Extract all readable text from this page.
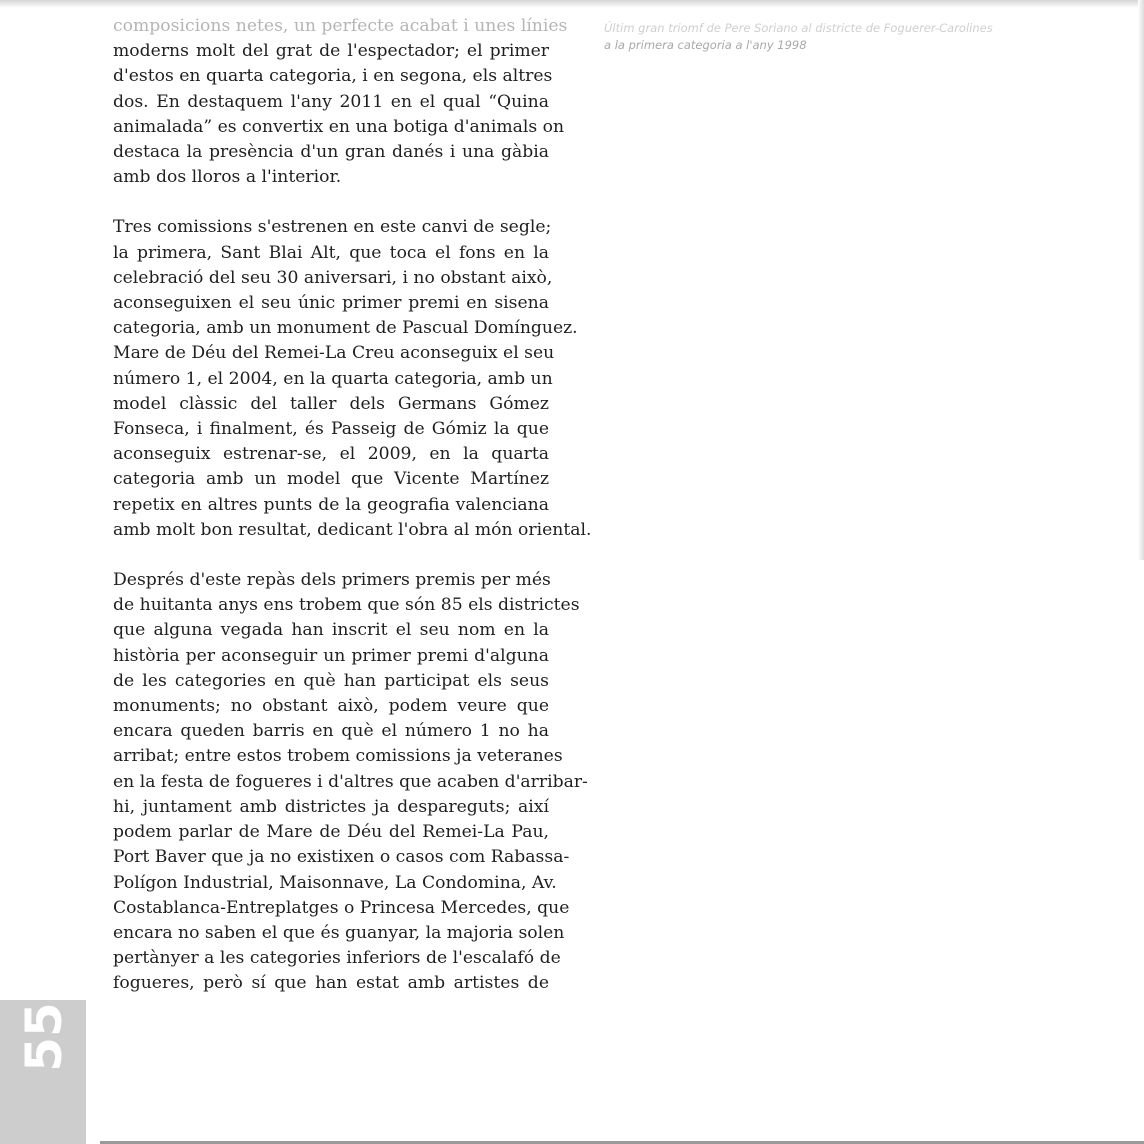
composicions netes, un perfecte acabat i unes línies
moderns molt del grat de l'espectador; el primer
d'estos en quarta categoria, i en segona, els altres
dos. En destaquem l'any 2011 en el qual “Quina
animalada” es convertix en una botiga d'animals on
destaca la presència d'un gran danés i una gàbia
amb dos lloros a l'interior.

Tres comissions s'estrenen en este canvi de segle;
la primera, Sant Blai Alt, que toca el fons en la
celebració del seu 30 aniversari, i no obstant això,
aconseguixen el seu únic primer premi en sisena
categoria, amb un monument de Pascual Domínguez.
Mare de Déu del Remei-La Creu aconseguix el seu
número 1, el 2004, en la quarta categoria, amb un
model clàssic del taller dels Germans Gómez
Fonseca, i finalment, és Passeig de Gómiz la que
aconseguix estrenar-se, el 2009, en la quarta
categoria amb un model que Vicente Martínez
repetix en altres punts de la geografia valenciana
amb molt bon resultat, dedicant l'obra al món oriental.

Després d'este repàs dels primers premis per més
de huitanta anys ens trobem que són 85 els districtes
que alguna vegada han inscrit el seu nom en la
història per aconseguir un primer premi d'alguna
de les categories en què han participat els seus
monuments; no obstant això, podem veure que
encara queden barris en què el número 1 no ha
arribat; entre estos trobem comissions ja veteranes
en la festa de fogueres i d'altres que acaben d'arribar-
hi, juntament amb districtes ja despareguts; així
podem parlar de Mare de Déu del Remei-La Pau,
Port Baver que ja no existixen o casos com Rabassa-
Polígon Industrial, Maisonnave, La Condomina, Av.
Costablanca-Entreplatges o Princesa Mercedes, que
encara no saben el que és guanyar, la majoria solen
pertànyer a les categories inferiors de l'escalafó de
fogueres, però sí que han estat amb artistes de

Últim gran triomf de Pere Soriano al districte de Foguerer-Carolines
a la primera categoria a l'any 1998
55
